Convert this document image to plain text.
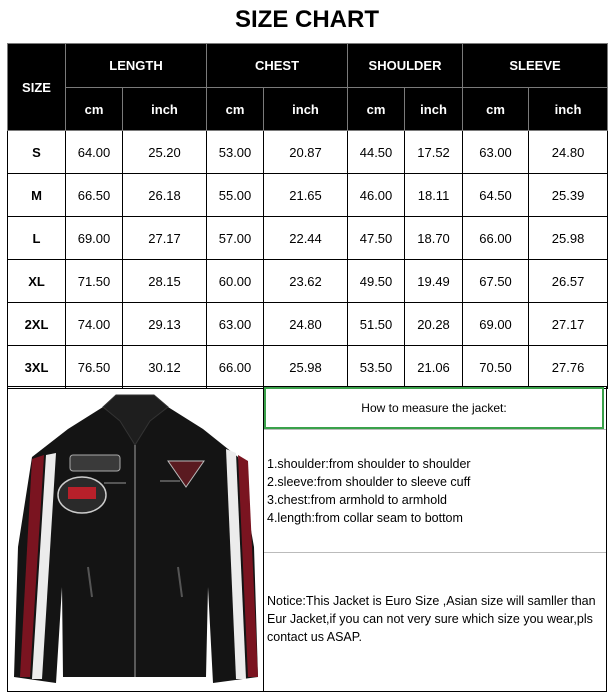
SIZE CHART
SIZE	LENGTH		CHEST		SHOULDER		SLEEVE	
	cm	inch	cm	inch	cm	inch	cm	inch
S	64.00	25.20	53.00	20.87	44.50	17.52	63.00	24.80
M	66.50	26.18	55.00	21.65	46.00	18.11	64.50	25.39
L	69.00	27.17	57.00	22.44	47.50	18.70	66.00	25.98
XL	71.50	28.15	60.00	23.62	49.50	19.49	67.50	26.57
2XL	74.00	29.13	63.00	24.80	51.50	20.28	69.00	27.17
3XL	76.50	30.12	66.00	25.98	53.50	21.06	70.50	27.76
How to measure the jacket:
1.shoulder:from shoulder to shoulder
2.sleeve:from shoulder to sleeve cuff
3.chest:from armhold to armhold
4.length:from collar seam to bottom
Notice:This Jacket is Euro Size ,Asian size will samller than Eur Jacket,if you can not very sure which size you wear,pls contact us ASAP.
